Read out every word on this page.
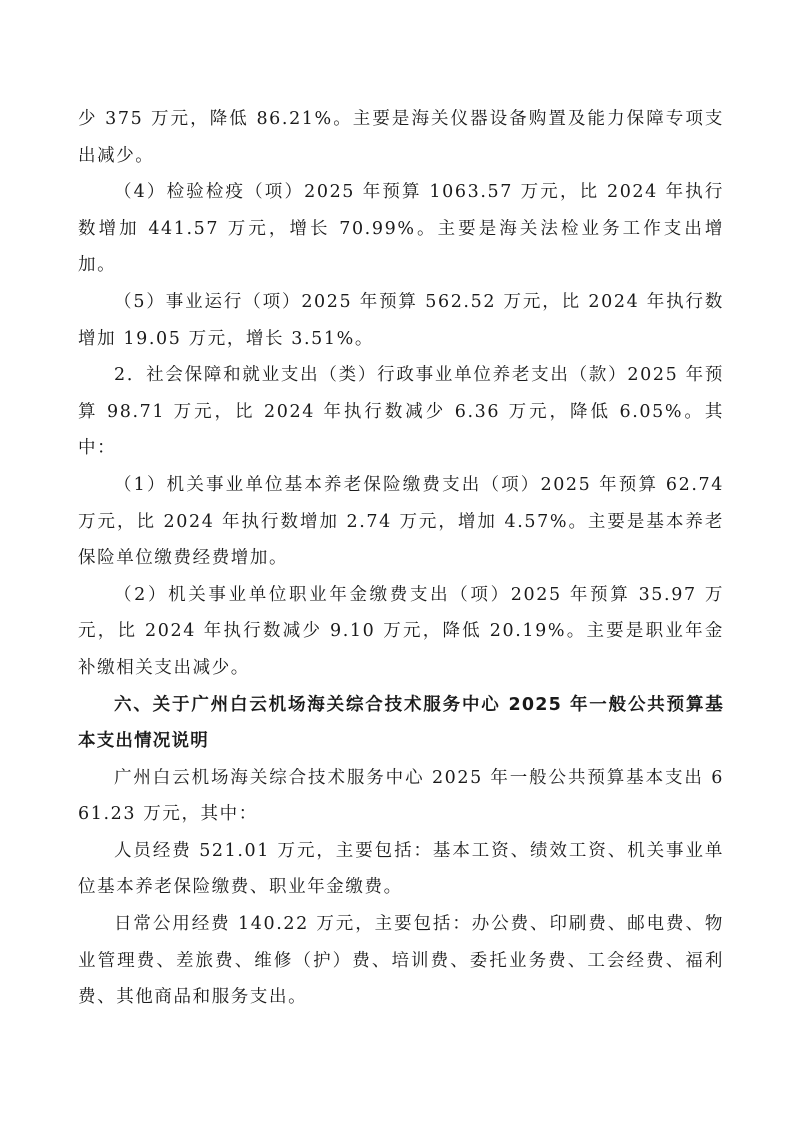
少 375 万元，降低 86.21%。主要是海关仪器设备购置及能力保障专项支出减少。

（4）检验检疫（项）2025 年预算 1063.57 万元，比 2024 年执行数增加 441.57 万元，增长 70.99%。主要是海关法检业务工作支出增加。

（5）事业运行（项）2025 年预算 562.52 万元，比 2024 年执行数增加 19.05 万元，增长 3.51%。

2．社会保障和就业支出（类）行政事业单位养老支出（款）2025 年预算 98.71 万元，比 2024 年执行数减少 6.36 万元，降低 6.05%。其中：

（1）机关事业单位基本养老保险缴费支出（项）2025 年预算 62.74 万元，比 2024 年执行数增加 2.74 万元，增加 4.57%。主要是基本养老保险单位缴费经费增加。

（2）机关事业单位职业年金缴费支出（项）2025 年预算 35.97 万元，比 2024 年执行数减少 9.10 万元，降低 20.19%。主要是职业年金补缴相关支出减少。

六、关于广州白云机场海关综合技术服务中心 2025 年一般公共预算基本支出情况说明

广州白云机场海关综合技术服务中心 2025 年一般公共预算基本支出 661.23 万元，其中：

人员经费 521.01 万元，主要包括：基本工资、绩效工资、机关事业单位基本养老保险缴费、职业年金缴费。

日常公用经费 140.22 万元，主要包括：办公费、印刷费、邮电费、物业管理费、差旅费、维修（护）费、培训费、委托业务费、工会经费、福利费、其他商品和服务支出。
